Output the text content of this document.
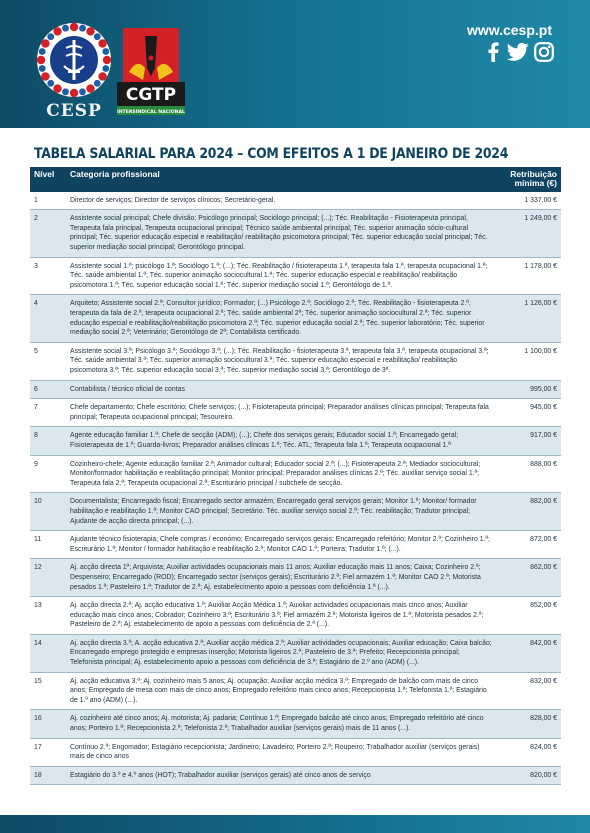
CESP
CGTP
INTERSINDICAL NACIONAL
www.cesp.pt
TABELA SALARIAL PARA 2024 – COM EFEITOS A 1 DE JANEIRO DE 2024
Nível	Categoria profissional	Retribuição
mínima (€)
1	Director de serviços; Director de serviços clínicos; Secretário-geral.	1 337,00 €
2	Assistente social principal; Chefe divisão; Psicólogo principal; Sociólogo principal; (...); Téc. Reabilitação - Fisioterapeuta principal, Terapeuta fala principal, Terapeuta ocupacional principal; Técnico saúde ambiental principal; Téc. superior animação sócio-cultural principal; Téc. superior educação especial e reabilitação/ reabilitação psicomotora principal; Téc. superior educação social principal; Téc. superior mediação social principal; Gerontólogo principal.	1 249,00 €
3	Assistente social 1.ª; psicólogo 1.ª; Sociólogo 1.ª; (...); Téc. Reabilitação / fisioterapeuta 1.ª, terapeuta fala 1.ª, terapeuta ocupacional 1.ª; Téc. saúde ambiental 1.ª; Téc. superior animação sociocultural 1.ª; Téc. superior educação especial e reabilitação/ reabilitação psicomotora 1.ª; Téc. superior educação social 1.ª; Téc. superior mediação social 1.ª; Gerontólogo de 1.ª.	1 178,00 €
4	Arquiteto; Assistente social 2.ª; Consultor jurídico; Formador; (...) Psicólogo 2.ª; Sociólogo 2.ª; Téc. Reabilitação - fisioterapeuta 2.ª, terapeuta da fala de 2.ª, terapeuta ocupacional 2.ª; Téc. saúde ambiental 2ª; Téc. superior animação sociocultural 2.ª; Téc. superior educação especial e reabilitação/reabilitação psicomotora 2.ª; Téc. superior educação social 2.ª; Téc. superior laboratório; Téc. superior mediação social 2.ª; Veterinário; Gerontólogo de 2ª; Contabilista certificado.	1 126,00 €
5	Assistente social 3.ª; Psicólogo 3.ª; Sociólogo 3.ª; (...); Téc. Reabilitação - fisioterapeuta 3.ª, terapeuta fala 3.ª, terapeuta ocupacional 3.ª; Téc. saúde ambiental 3.ª; Téc. superior animação sociocultural 3.ª; Téc. superior educação especial e reabilitação/ reabilitação psicomotora 3.ª; Téc. superior educação social 3.ª; Téc. superior mediação social 3.ª; Gerontólogo de 3ª.	1 100,00 €
6	Contabilista / técnico oficial de contas	995,00 €
7	Chefe departamento; Chefe escritório; Chefe serviços; (...); Fisioterapeuta principal; Preparador análises clínicas principal; Terapeuta fala principal; Terapeuta ocupacional principal; Tesoureiro.	945,00 €
8	Agente educação familiar 1.ª; Chefe de secção (ADM); (...); Chefe dos serviços gerais; Educador social 1.ª; Encarregado geral; Fisioterapeuta de 1.ª; Guarda-livros; Preparador análises clínicas 1.ª; Téc. ATL; Terapeuta fala 1.ª; Terapeuta ocupacional 1.ª	917,00 €
9	Cozinheiro-chefe; Agente educação familiar 2.ª; Animador cultural; Educador social 2.ª; (...); Fisioterapeuta 2.ª; Mediador sociocultural; Monitor/formador habilitação e reabilitação principal; Monitor principal; Preparador análises clínicas 2.ª; Téc. auxiliar serviço social 1.ª; Terapeuta fala 2.ª; Terapeuta ocupacional 2.ª; Escriturário principal / subchefe de secção.	888,00 €
10	Documentalista; Encarregado fiscal; Encarregado sector armazém; Encarregado geral serviços gerais; Monitor 1.ª; Monitor/ formador habilitação e reabilitação 1.ª; Monitor CAO principal; Secretário. Téc. auxiliar serviço social 2.ª; Téc. reabilitação; Tradutor principal; Ajudante de acção directa principal; (...).	882,00 €
11	Ajudante técnico fisioterapia; Chefe compras / económo; Encarregado serviços gerais; Encarregado refeitório; Monitor 2.ª; Cozinheiro 1.ª; Escriturário 1.ª; Monitor / formador habilitação e reabilitação 2.ª; Monitor CAO 1.ª; Porteira; Tradutor 1.ª; (...).	872,00 €
12	Aj. acção directa 1ª; Arquivista; Auxiliar actividades ocupacionais mais 11 anos; Auxiliar educação mais 11 anos; Caixa; Cozinheiro 2.ª; Despenseiro; Encarregado (ROD); Encarregado sector (serviços gerais); Escriturário 2.ª; Fiel armazém 1.ª; Monitor CAO 2.ª; Motorista pesados 1.ª; Pasteleiro 1.ª; Tradutor de 2.ª; Aj. estabelecimento apoio a pessoas com deficiência 1.ª (...).	862,00 €
13	Aj. acção directa 2.ª; Aj. acção educativa 1.ª; Auxiliar Acção Médica 1.ª; Auxiliar actividades ocupacionais mais cinco anos; Auxiliar educação mais cinco anos; Cobrador; Cozinheiro 3.ª; Escriturário 3.ª; Fiel armazém 2.ª; Motorista ligeiros de 1.ª; Motorista pesados 2.ª; Pasteleiro de 2.ª; Aj. estabelecimento de apoio a pessoas com deficiência de 2.ª (...).	852,00 €
14	Aj. acção directa 3.ª; A. acção educativa 2.ª; Auxiliar acção médica 2.ª; Auxiliar actividades ocupacionais; Auxiliar educação; Caixa balcão; Encarregado emprego protegido e empresas inserção; Motorista ligeiros 2.ª; Pasteleiro de 3.ª; Prefeito; Recepcionista principal; Telefonista principal; Aj. estabelecimento apoio a pessoas com deficiência de 3.ª; Estagiário de 2.º ano (ADM) (...).	842,00 €
15	Aj. acção educativa 3.ª; Aj. cozinheiro mais 5 anos; Aj. ocupação; Auxiliar acção médica 3.ª; Empregado de balcão com mais de cinco anos; Empregado de mesa com mais de cinco anos; Empregado refeitório mais cinco anos; Recepcionista 1.ª; Telefonista 1.ª; Estagiário de 1.º ano (ADM) (...).	832,00 €
16	Aj. cozinheiro até cinco anos; Aj. motorista; Aj. padaria; Contínuo 1.ª; Empregado balcão até cinco anos; Empregado refeitório até cinco anos; Porteiro 1.ª; Recepcionista 2.ª; Telefonista 2.ª; Trabalhador auxiliar (serviços gerais) mais de 11 anos (...).	828,00 €
17	Contínuo 2.ª; Engomador; Estagiário recepcionista; Jardineiro; Lavadeiro; Porteiro 2.ª; Roupeiro; Trabalhador auxiliar (serviços gerais) mais de cinco anos	824,00 €
18	Estagiário do 3.º e 4.º anos (HOT); Trabalhador auxiliar (serviços gerais) até cinco anos de serviço	820,00 €
